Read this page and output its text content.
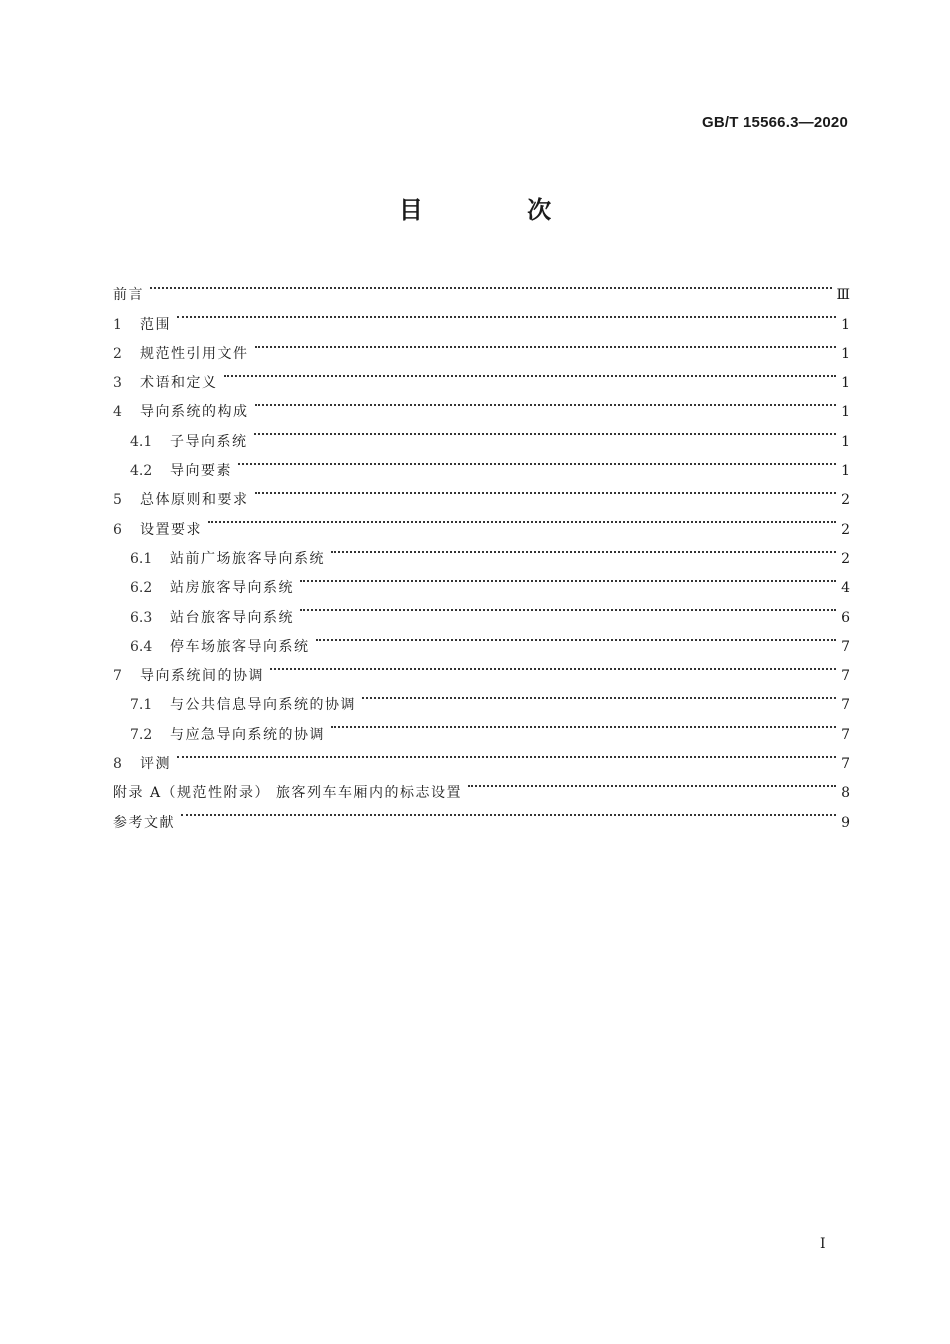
GB/T 15566.3—2020
目 次
前言	Ⅲ
1	范围	1
2	规范性引用文件	1
3	术语和定义	1
4	导向系统的构成	1
4.1	子导向系统	1
4.2	导向要素	1
5	总体原则和要求	2
6	设置要求	2
6.1	站前广场旅客导向系统	2
6.2	站房旅客导向系统	4
6.3	站台旅客导向系统	6
6.4	停车场旅客导向系统	7
7	导向系统间的协调	7
7.1	与公共信息导向系统的协调	7
7.2	与应急导向系统的协调	7
8	评测	7
附录 A（规范性附录） 旅客列车车厢内的标志设置	8
参考文献	9
I
